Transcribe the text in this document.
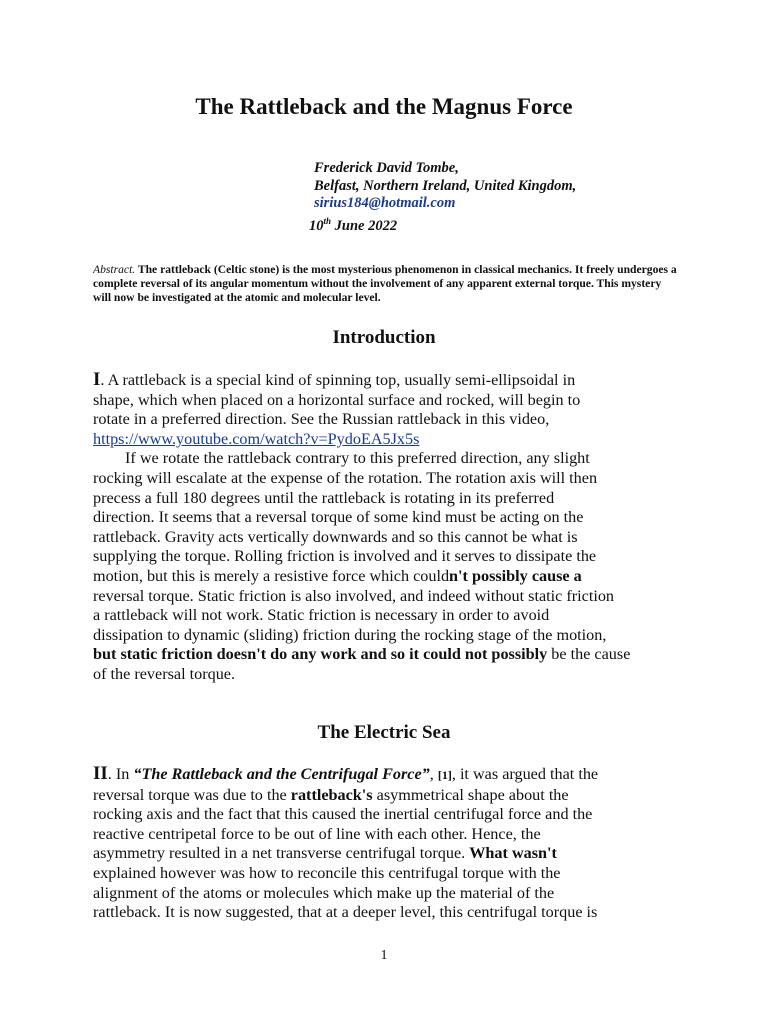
The Rattleback and the Magnus Force
Frederick David Tombe,
Belfast, Northern Ireland, United Kingdom,
sirius184@hotmail.com
10th June 2022

Abstract. The rattleback (Celtic stone) is the most mysterious phenomenon in classical mechanics. It freely undergoes a complete reversal of its angular momentum without the involvement of any apparent external torque. This mystery will now be investigated at the atomic and molecular level.

Introduction
I. A rattleback is a special kind of spinning top, usually semi-ellipsoidal in
shape, which when placed on a horizontal surface and rocked, will begin to
rotate in a preferred direction. See the Russian rattleback in this video,
https://www.youtube.com/watch?v=PydoEA5Jx5s
If we rotate the rattleback contrary to this preferred direction, any slight
rocking will escalate at the expense of the rotation. The rotation axis will then
precess a full 180 degrees until the rattleback is rotating in its preferred
direction. It seems that a reversal torque of some kind must be acting on the
rattleback. Gravity acts vertically downwards and so this cannot be what is
supplying the torque. Rolling friction is involved and it serves to dissipate the
motion, but this is merely a resistive force which couldn't possibly cause a
reversal torque. Static friction is also involved, and indeed without static friction
a rattleback will not work. Static friction is necessary in order to avoid
dissipation to dynamic (sliding) friction during the rocking stage of the motion,
but static friction doesn't do any work and so it could not possibly be the cause
of the reversal torque.
The Electric Sea
II. In “The Rattleback and the Centrifugal Force”, [1], it was argued that the
reversal torque was due to the rattleback's asymmetrical shape about the
rocking axis and the fact that this caused the inertial centrifugal force and the
reactive centripetal force to be out of line with each other. Hence, the
asymmetry resulted in a net transverse centrifugal torque. What wasn't
explained however was how to reconcile this centrifugal torque with the
alignment of the atoms or molecules which make up the material of the
rattleback. It is now suggested, that at a deeper level, this centrifugal torque is
1
